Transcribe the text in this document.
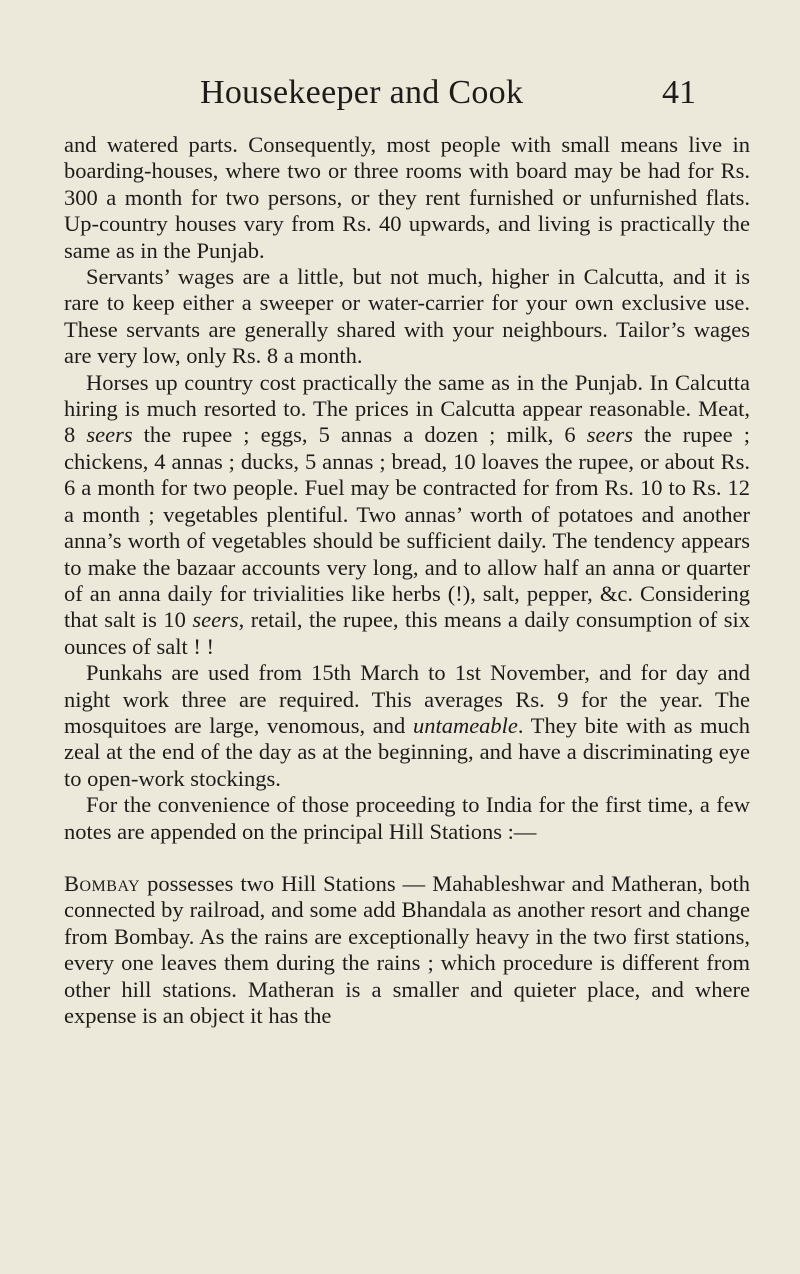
Housekeeper and Cook	41

and watered parts. Consequently, most people with small means live in boarding-houses, where two or three rooms with board may be had for Rs. 300 a month for two persons, or they rent furnished or unfurnished flats. Up-country houses vary from Rs. 40 upwards, and living is practically the same as in the Punjab.

Servants’ wages are a little, but not much, higher in Calcutta, and it is rare to keep either a sweeper or water-carrier for your own exclusive use. These servants are generally shared with your neighbours. Tailor’s wages are very low, only Rs. 8 a month.

Horses up country cost practically the same as in the Punjab. In Calcutta hiring is much resorted to. The prices in Calcutta appear reasonable. Meat, 8 seers the rupee ; eggs, 5 annas a dozen ; milk, 6 seers the rupee ; chickens, 4 annas ; ducks, 5 annas ; bread, 10 loaves the rupee, or about Rs. 6 a month for two people. Fuel may be contracted for from Rs. 10 to Rs. 12 a month ; vegetables plentiful. Two annas’ worth of potatoes and another anna’s worth of vegetables should be sufficient daily. The tendency appears to make the bazaar accounts very long, and to allow half an anna or quarter of an anna daily for trivialities like herbs (!), salt, pepper, &c. Considering that salt is 10 seers, retail, the rupee, this means a daily consumption of six ounces of salt ! !

Punkahs are used from 15th March to 1st November, and for day and night work three are required. This averages Rs. 9 for the year. The mosquitoes are large, venomous, and untameable. They bite with as much zeal at the end of the day as at the beginning, and have a discriminating eye to open-work stockings.

For the convenience of those proceeding to India for the first time, a few notes are appended on the principal Hill Stations :—

Bombay possesses two Hill Stations — Mahableshwar and Matheran, both connected by railroad, and some add Bhandala as another resort and change from Bombay. As the rains are exceptionally heavy in the two first stations, every one leaves them during the rains ; which procedure is different from other hill stations. Matheran is a smaller and quieter place, and where expense is an object it has the
